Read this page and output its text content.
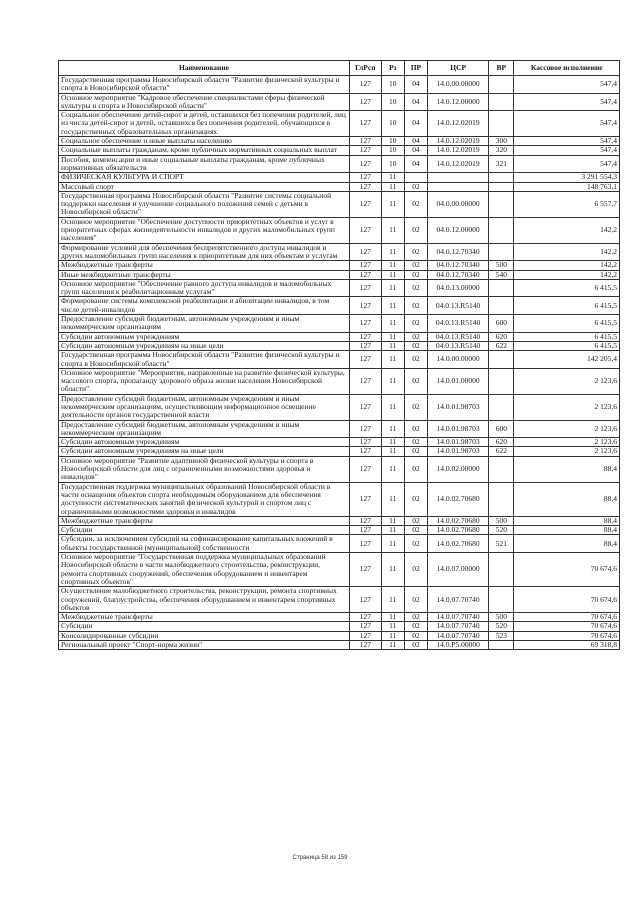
Наименование	ГлРсп	Рз	ПР	ЦСР	ВР	Кассовое исполнение
Государственная программа Новосибирской области "Развитие физической культуры и спорта в Новосибирской области"	127	10	04	14.0.00.00000		547,4
Основное мероприятие "Кадровое обеспечение специалистами сферы физической культуры и спорта в Новосибирской области"	127	10	04	14.0.12.00000		547,4
Социальное обеспечение детей-сирот и детей, оставшихся без попечения родителей, лиц из числа детей-сирот и детей, оставшихся без попечения родителей, обучающихся в государственных образовательных организациях	127	10	04	14.0.12.02019		547,4
Социальное обеспечение и иные выплаты населению	127	10	04	14.0.12.02019	300	547,4
Социальные выплаты гражданам, кроме публичных нормативных социальных выплат	127	10	04	14.0.12.02019	320	547,4
Пособия, компенсации и иные социальные выплаты гражданам, кроме публичных нормативных обязательств	127	10	04	14.0.12.02019	321	547,4
ФИЗИЧЕСКАЯ КУЛЬТУРА И СПОРТ	127	11				3 291 554,3
Массовый спорт	127	11	02			148 763,1
Государственная программа Новосибирской области "Развитие системы социальной поддержки населения и улучшение социального положения семей с детьми в Новосибирской области"	127	11	02	04.0.00.00000		6 557,7
Основное мероприятие "Обеспечение доступности приоритетных объектов и услуг в приоритетных сферах жизнедеятельности инвалидов и других маломобильных групп населения"	127	11	02	04.0.12.00000		142,2
Формирование условий для обеспечения беспрепятственного доступа инвалидов и других маломобильных групп населения к приоритетным для них объектам и услугам	127	11	02	04.0.12.70340		142,2
Межбюджетные трансферты	127	11	02	04.0.12.70340	500	142,2
Иные межбюджетные трансферты	127	11	02	04.0.12.70340	540	142,2
Основное мероприятие "Обеспечение равного доступа инвалидов и маломобильных групп населения к реабилитационным услугам"	127	11	02	04.0.13.00000		6 415,5
Формирование системы комплексной реабилитации и абилитации инвалидов, в том числе детей-инвалидов	127	11	02	04.0.13.R5140		6 415,5
Предоставление субсидий бюджетным, автономным учреждениям и иным некоммерческим организациям	127	11	02	04.0.13.R5140	600	6 415,5
Субсидии автономным учреждениям	127	11	02	04.0.13.R5140	620	6 415,5
Субсидии автономным учреждениям на иные цели	127	11	02	04.0.13.R5140	622	6 415,5
Государственная программа Новосибирской области "Развитие физической культуры и спорта в Новосибирской области"	127	11	02	14.0.00.00000		142 205,4
Основное мероприятие "Мероприятия, направленные на развитие физической культуры, массового спорта, пропаганду здорового образа жизни населения Новосибирской области"	127	11	02	14.0.01.00000		2 123,6
Предоставление субсидий бюджетным, автономным учреждениям и иным некоммерческим организациям, осуществляющим информационное освещение деятельности органов государственной власти	127	11	02	14.0.01.98703		2 123,6
Предоставление субсидий бюджетным, автономным учреждениям и иным некоммерческим организациям	127	11	02	14.0.01.98703	600	2 123,6
Субсидии автономным учреждениям	127	11	02	14.0.01.98703	620	2 123,6
Субсидии автономным учреждениям на иные цели	127	11	02	14.0.01.98703	622	2 123,6
Основное мероприятие "Развитие адаптивной физической культуры и спорта в Новосибирской области для лиц с ограниченными возможностями здоровья и инвалидов"	127	11	02	14.0.02.00000		88,4
Государственная поддержка муниципальных образований Новосибирской области в части оснащения объектов спорта необходимым оборудованием для обеспечения доступности систематических занятий физической культурой и спортом лиц с ограниченными возможностями здоровья и инвалидов	127	11	02	14.0.02.70680		88,4
Межбюджетные трансферты	127	11	02	14.0.02.70680	500	88,4
Субсидии	127	11	02	14.0.02.70680	520	88,4
Субсидии, за исключением субсидий на софинансирование капитальных вложений в объекты государственной (муниципальной) собственности	127	11	02	14.0.02.70680	521	88,4
Основное мероприятие "Государственная поддержка муниципальных образований Новосибирской области в части малобюджетного строительства, реконструкции, ремонта спортивных сооружений, обеспечения оборудованием и инвентарем спортивных объектов"	127	11	02	14.0.07.00000		70 674,6
Осуществление малобюджетного строительства, реконструкции, ремонта спортивных сооружений, благоустройства, обеспечения оборудованием и инвентарем спортивных объектов	127	11	02	14.0.07.70740		70 674,6
Межбюджетные трансферты	127	11	02	14.0.07.70740	500	70 674,6
Субсидии	127	11	02	14.0.07.70740	520	70 674,6
Консолидированные субсидии	127	11	02	14.0.07.70740	523	70 674,6
Региональный проект "Спорт-норма жизни"	127	11	02	14.0.P5.00000		69 318,8
Страница 58 из 159
